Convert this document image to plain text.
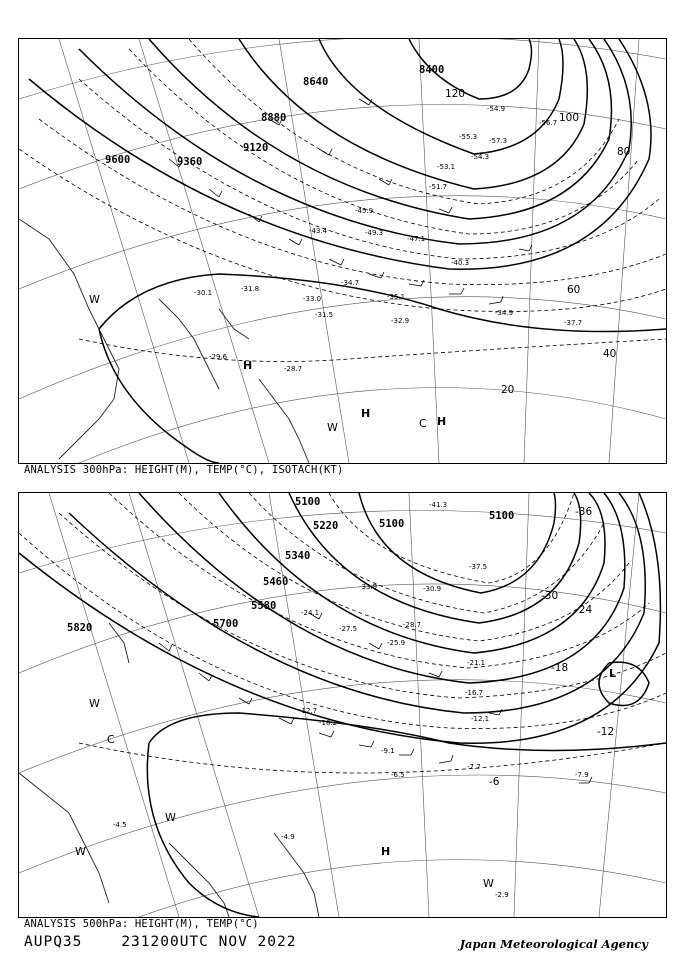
9600	9360
9120
8880
8640
8400
20
40
60
80
100
120
-29.6
-28.7
-30.1
-31.5
-31.8
-32.9
-33.0
-34.7
-34.9
-35.1
-37.7
-40.3
-43.4
-45.9
-47.1
-49.3
-51.7
-53.1
-54.3
-54.9
-55.3
-56.7
-57.3
H
H
H
C
W
W
ANALYSIS 300hPa: HEIGHT(M), TEMP(°C), ISOTACH(KT)
5820	5700
5580
5460
5340
5220
5100
5100
5100
-6
-12
-18
-24
-30
-36
-2.9
-4.5
-4.9
-6.5
-7.7
-7.9
-9.1
-12.1
-12.7
-16.7
-18.2
-21.1
-24.1
-25.9
-27.5	-28.7
-30.9
-33.9
-37.5
-41.3
H
L
C
W
W
W
W
ANALYSIS 500hPa: HEIGHT(M), TEMP(°C)
AUPQ35	231200UTC NOV 2022	Japan Meteorological Agency
